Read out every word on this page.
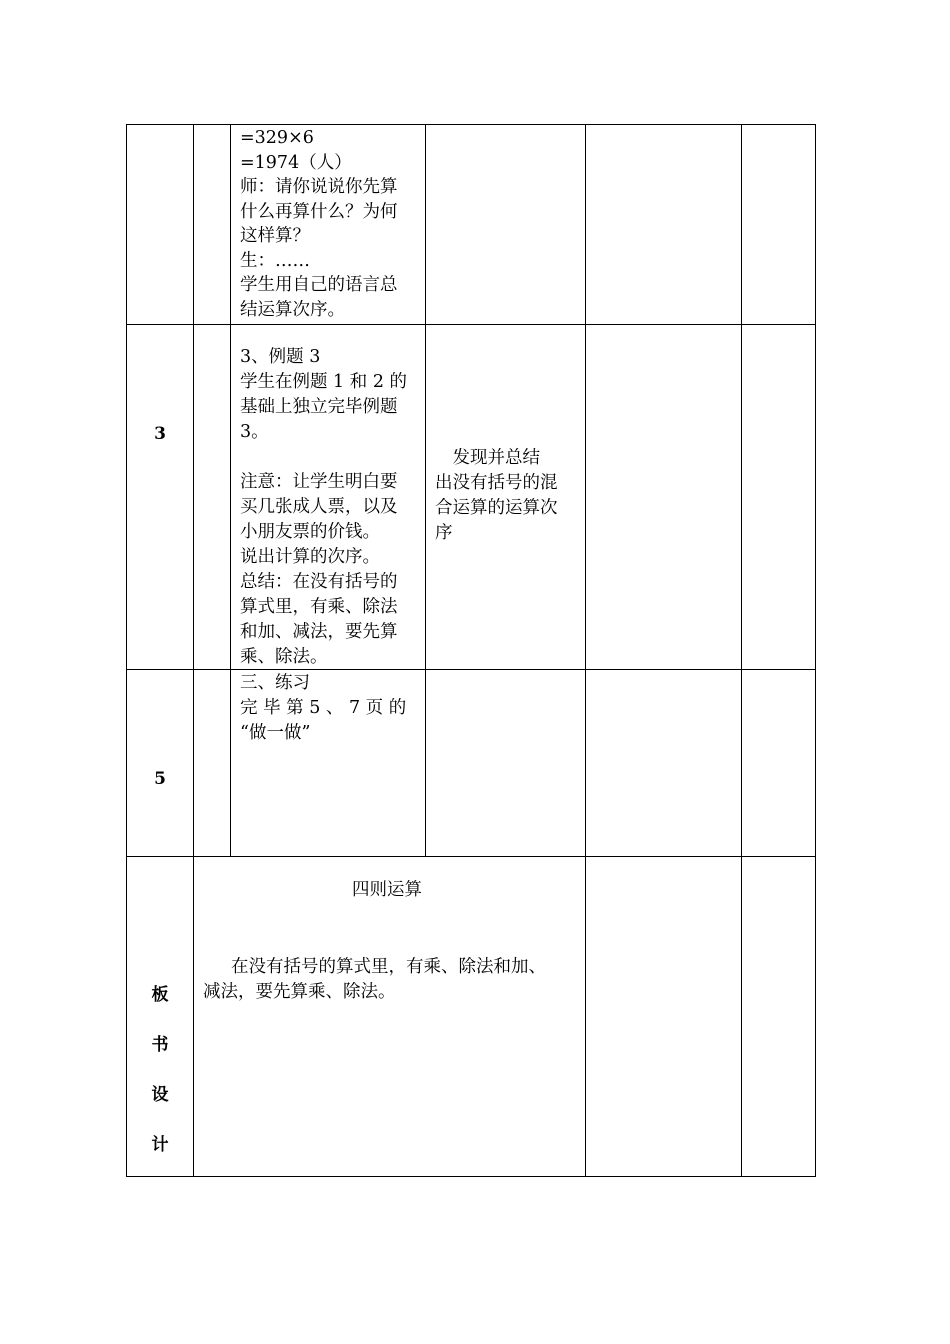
=329×6
=1974（人）
师：请你说说你先算
什么再算什么？为何
这样算？
生：……
学生用自己的语言总
结运算次序。
3
3、例题 3
学生在例题 1 和 2 的
基础上独立完毕例题
3。
注意：让学生明白要
买几张成人票，以及
小朋友票的价钱。
说出计算的次序。
总结：在没有括号的
算式里，有乘、除法
和加、减法，要先算
乘、除法。
　发现并总结
出没有括号的混
合运算的运算次
序
5
三、练习
完 毕 第 5 、 7 页 的
“做一做”
板
书
设
计
四则运算
在没有括号的算式里，有乘、除法和加、
减法，要先算乘、除法。
